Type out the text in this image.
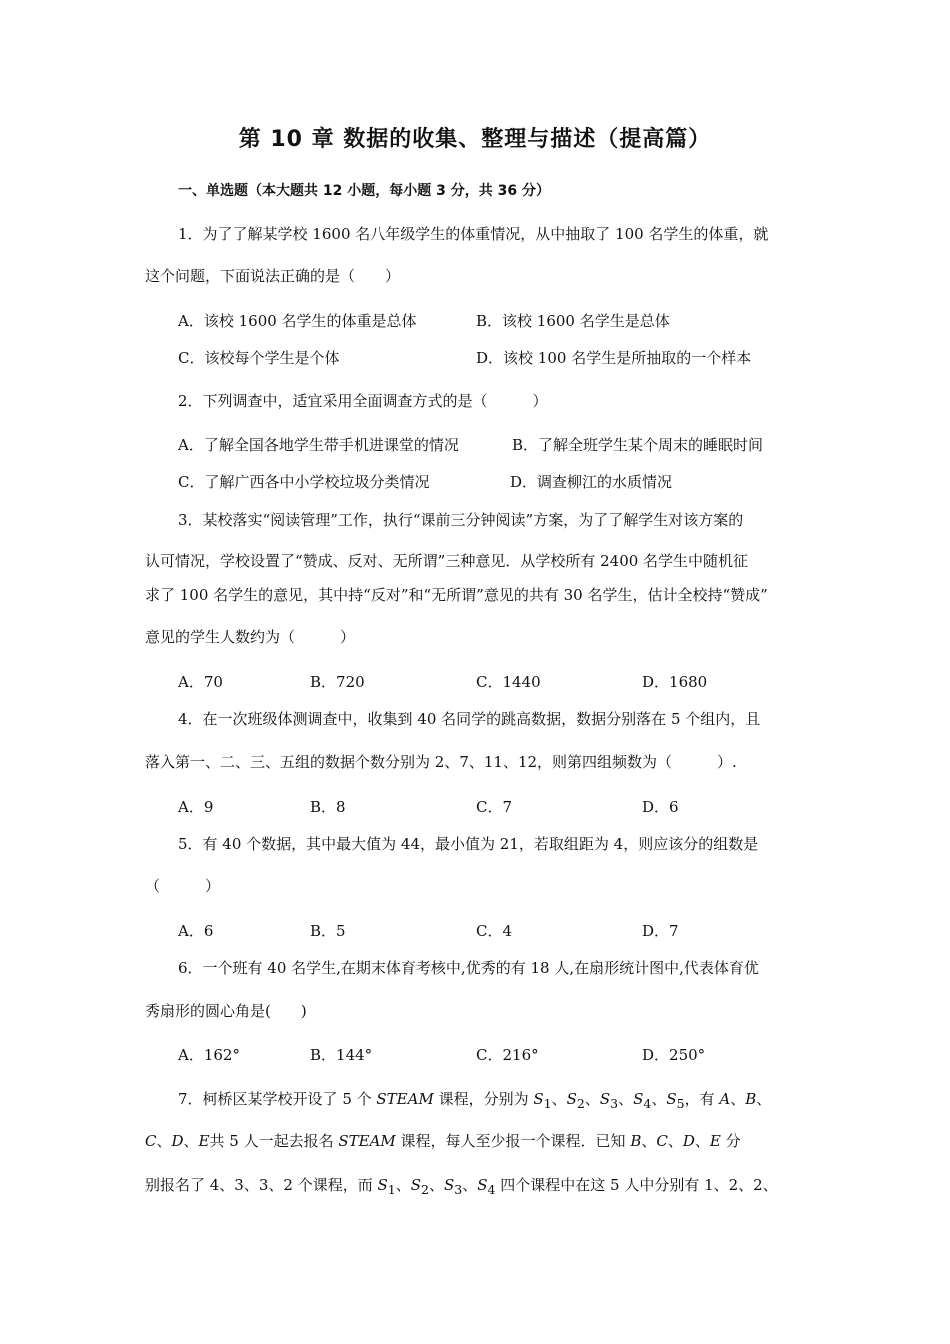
第 10 章 数据的收集、整理与描述（提高篇）
一、单选题（本大题共 12 小题，每小题 3 分，共 36 分）
1．为了了解某学校 1600 名八年级学生的体重情况，从中抽取了 100 名学生的体重，就
这个问题，下面说法正确的是（　　）
A．该校 1600 名学生的体重是总体	B．该校 1600 名学生是总体
C．该校每个学生是个体	D．该校 100 名学生是所抽取的一个样本
2．下列调查中，适宜采用全面调查方式的是（　　　）
A．了解全国各地学生带手机进课堂的情况	B．了解全班学生某个周末的睡眠时间
C．了解广西各中小学校垃圾分类情况	D．调查柳江的水质情况
3．某校落实“阅读管理”工作，执行“课前三分钟阅读”方案，为了了解学生对该方案的
认可情况，学校设置了“赞成、反对、无所谓”三种意见．从学校所有 2400 名学生中随机征
求了 100 名学生的意见，其中持“反对”和“无所谓”意见的共有 30 名学生，估计全校持“赞成”
意见的学生人数约为（　　　）
A．70	B．720	C．1440	D．1680
4．在一次班级体测调查中，收集到 40 名同学的跳高数据，数据分别落在 5 个组内，且
落入第一、二、三、五组的数据个数分别为 2、7、11、12，则第四组频数为（　　　）.
A．9	B．8	C．7	D．6
5．有 40 个数据，其中最大值为 44，最小值为 21，若取组距为 4，则应该分的组数是
（　　　）
A．6	B．5	C．4	D．7
6．一个班有 40 名学生,在期末体育考核中,优秀的有 18 人,在扇形统计图中,代表体育优
秀扇形的圆心角是(　　)
A．162°	B．144°	C．216°	D．250°
7．柯桥区某学校开设了 5 个 STEAM 课程，分别为 $S_1$、$S_2$、$S_3$、$S_4$、$S_5$，有 A、B、
C、D、E共 5 人一起去报名 STEAM 课程，每人至少报一个课程．已知 B、C、D、E 分
别报名了 4、3、3、2 个课程，而 $S_1$、$S_2$、$S_3$、$S_4$ 四个课程中在这 5 人中分别有 1、2、2、
